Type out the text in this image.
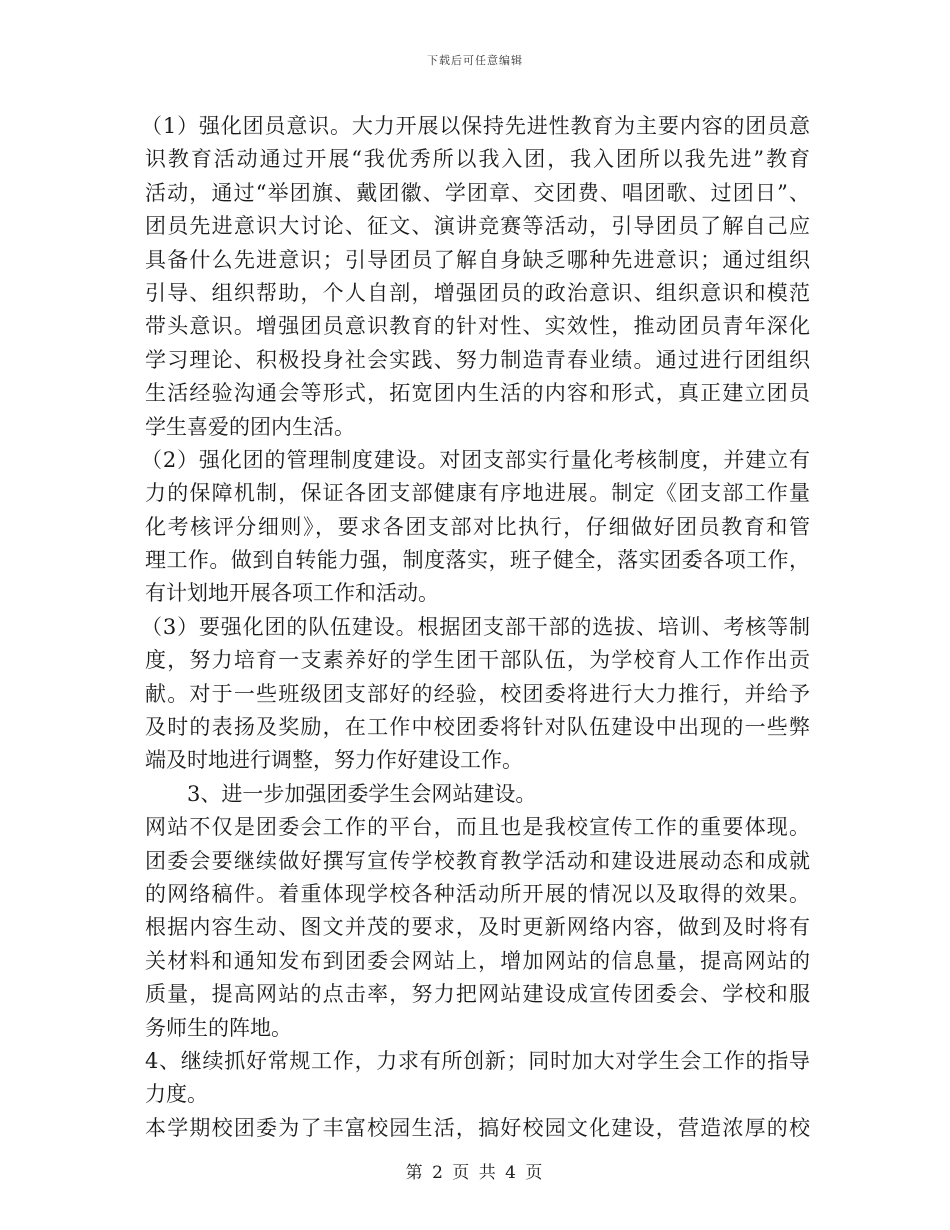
下载后可任意编辑
（1）强化团员意识。大力开展以保持先进性教育为主要内容的团员意
识教育活动通过开展“我优秀所以我入团，我入团所以我先进”教育
活动，通过“举团旗、戴团徽、学团章、交团费、唱团歌、过团日”、
团员先进意识大讨论、征文、演讲竞赛等活动，引导团员了解自己应
具备什么先进意识；引导团员了解自身缺乏哪种先进意识；通过组织
引导、组织帮助，个人自剖，增强团员的政治意识、组织意识和模范
带头意识。增强团员意识教育的针对性、实效性，推动团员青年深化
学习理论、积极投身社会实践、努力制造青春业绩。通过进行团组织
生活经验沟通会等形式，拓宽团内生活的内容和形式，真正建立团员
学生喜爱的团内生活。
（2）强化团的管理制度建设。对团支部实行量化考核制度，并建立有
力的保障机制，保证各团支部健康有序地进展。制定《团支部工作量
化考核评分细则》，要求各团支部对比执行，仔细做好团员教育和管
理工作。做到自转能力强，制度落实，班子健全，落实团委各项工作，
有计划地开展各项工作和活动。
（3）要强化团的队伍建设。根据团支部干部的选拔、培训、考核等制
度，努力培育一支素养好的学生团干部队伍，为学校育人工作作出贡
献。对于一些班级团支部好的经验，校团委将进行大力推行，并给予
及时的表扬及奖励，在工作中校团委将针对队伍建设中出现的一些弊
端及时地进行调整，努力作好建设工作。
3、进一步加强团委学生会网站建设。
网站不仅是团委会工作的平台，而且也是我校宣传工作的重要体现。
团委会要继续做好撰写宣传学校教育教学活动和建设进展动态和成就
的网络稿件。着重体现学校各种活动所开展的情况以及取得的效果。
根据内容生动、图文并茂的要求，及时更新网络内容，做到及时将有
关材料和通知发布到团委会网站上，增加网站的信息量，提高网站的
质量，提高网站的点击率，努力把网站建设成宣传团委会、学校和服
务师生的阵地。
4、继续抓好常规工作，力求有所创新；同时加大对学生会工作的指导
力度。
本学期校团委为了丰富校园生活，搞好校园文化建设，营造浓厚的校
第 2 页 共 4 页
